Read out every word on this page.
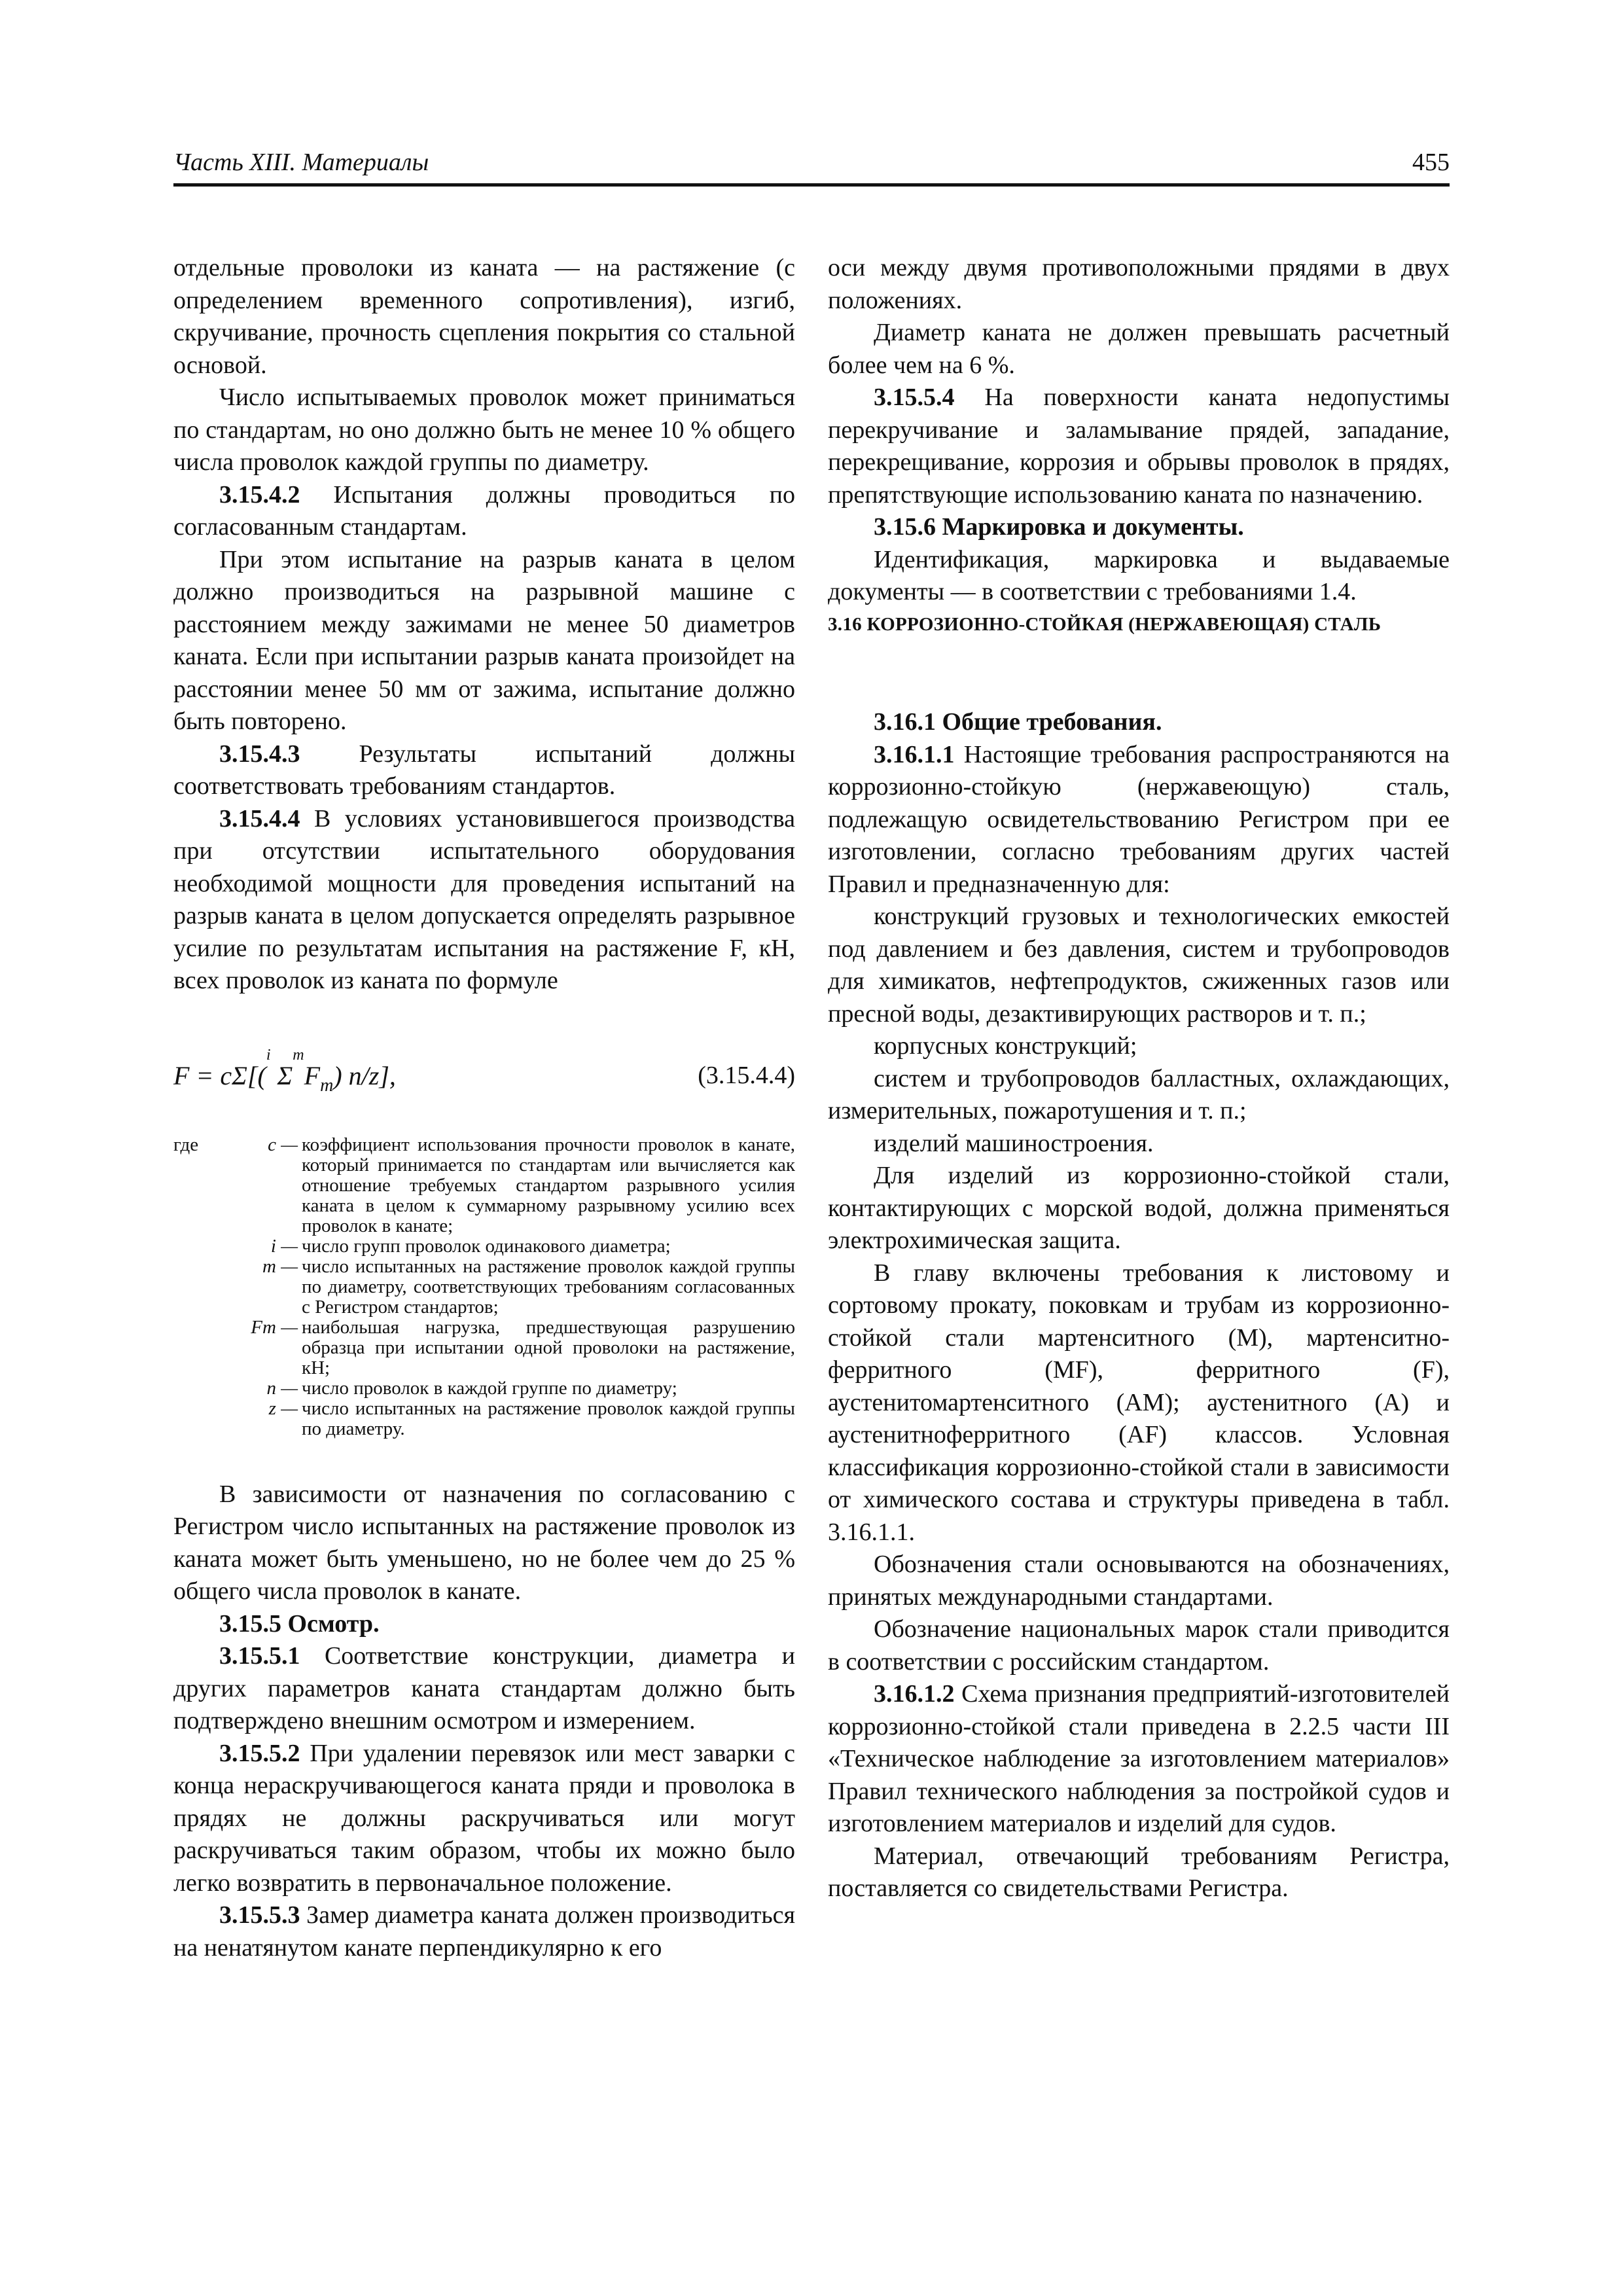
Часть XIII. Материалы	455

отдельные проволоки из каната — на растяжение (с определением временного сопротивления), изгиб, скручивание, прочность сцепления покрытия со стальной основой.

Число испытываемых проволок может приниматься по стандартам, но оно должно быть не менее 10 % общего числа проволок каждой группы по диаметру.

3.15.4.2 Испытания должны проводиться по согласованным стандартам.

При этом испытание на разрыв каната в целом должно производиться на разрывной машине с расстоянием между зажимами не менее 50 диаметров каната. Если при испытании разрыв каната произойдет на расстоянии менее 50 мм от зажима, испытание должно быть повторено.

3.15.4.3 Результаты испытаний должны соответствовать требованиям стандартов.

3.15.4.4 В условиях установившегося производства при отсутствии испытательного оборудования необходимой мощности для проведения испытаний на разрыв каната в целом допускается определять разрывное усилие по результатам испытания на растяжение F, кН, всех проволок из каната по формуле

F = cΣ[($^i$ $\Sigma^mF_m$) n/z],	(3.15.4.4)
где	c — коэффициент использования прочности проволок в канате, который принимается по стандартам или вычисляется как отношение требуемых стандартом разрывного усилия каната в целом к суммарному разрывному усилию всех проволок в канате;
i — число групп проволок одинакового диаметра;
m — число испытанных на растяжение проволок каждой группы по диаметру, соответствующих требованиям согласованных с Регистром стандартов;
Fm — наибольшая нагрузка, предшествующая разрушению образца при испытании одной проволоки на растяжение, кН;
n — число проволок в каждой группе по диаметру;
z — число испытанных на растяжение проволок каждой группы по диаметру.

В зависимости от назначения по согласованию с Регистром число испытанных на растяжение проволок из каната может быть уменьшено, но не более чем до 25 % общего числа проволок в канате.

3.15.5 Осмотр.

3.15.5.1 Соответствие конструкции, диаметра и других параметров каната стандартам должно быть подтверждено внешним осмотром и измерением.

3.15.5.2 При удалении перевязок или мест заварки с конца нераскручивающегося каната пряди и проволока в прядях не должны раскручиваться или могут раскручиваться таким образом, чтобы их можно было легко возвратить в первоначальное положение.

3.15.5.3 Замер диаметра каната должен производиться на ненатянутом канате перпендикулярно к его

оси между двумя противоположными прядями в двух положениях.

Диаметр каната не должен превышать расчетный более чем на 6 %.

3.15.5.4 На поверхности каната недопустимы перекручивание и заламывание прядей, западание, перекрещивание, коррозия и обрывы проволок в прядях, препятствующие использованию каната по назначению.

3.15.6 Маркировка и документы.

Идентификация, маркировка и выдаваемые документы — в соответствии с требованиями 1.4.

3.16 КОРРОЗИОННО-СТОЙКАЯ (НЕРЖАВЕЮЩАЯ) СТАЛЬ

3.16.1 Общие требования.

3.16.1.1 Настоящие требования распространяются на коррозионно-стойкую (нержавеющую) сталь, подлежащую освидетельствованию Регистром при ее изготовлении, согласно требованиям других частей Правил и предназначенную для:

конструкций грузовых и технологических емкостей под давлением и без давления, систем и трубопроводов для химикатов, нефтепродуктов, сжиженных газов или пресной воды, дезактивирующих растворов и т. п.;

корпусных конструкций;

систем и трубопроводов балластных, охлаждающих, измерительных, пожаротушения и т. п.;

изделий машиностроения.

Для изделий из коррозионно-стойкой стали, контактирующих с морской водой, должна применяться электрохимическая защита.

В главу включены требования к листовому и сортовому прокату, поковкам и трубам из коррозионно-стойкой стали мартенситного (M), мартенситно-ферритного (MF), ферритного (F), аустенитомартенситного (AM); аустенитного (A) и аустенитноферритного (AF) классов. Условная классификация коррозионно-стойкой стали в зависимости от химического состава и структуры приведена в табл. 3.16.1.1.

Обозначения стали основываются на обозначениях, принятых международными стандартами.

Обозначение национальных марок стали приводится в соответствии с российским стандартом.

3.16.1.2 Схема признания предприятий-изготовителей коррозионно-стойкой стали приведена в 2.2.5 части III «Техническое наблюдение за изготовлением материалов» Правил технического наблюдения за постройкой судов и изготовлением материалов и изделий для судов.

Материал, отвечающий требованиям Регистра, поставляется со свидетельствами Регистра.
